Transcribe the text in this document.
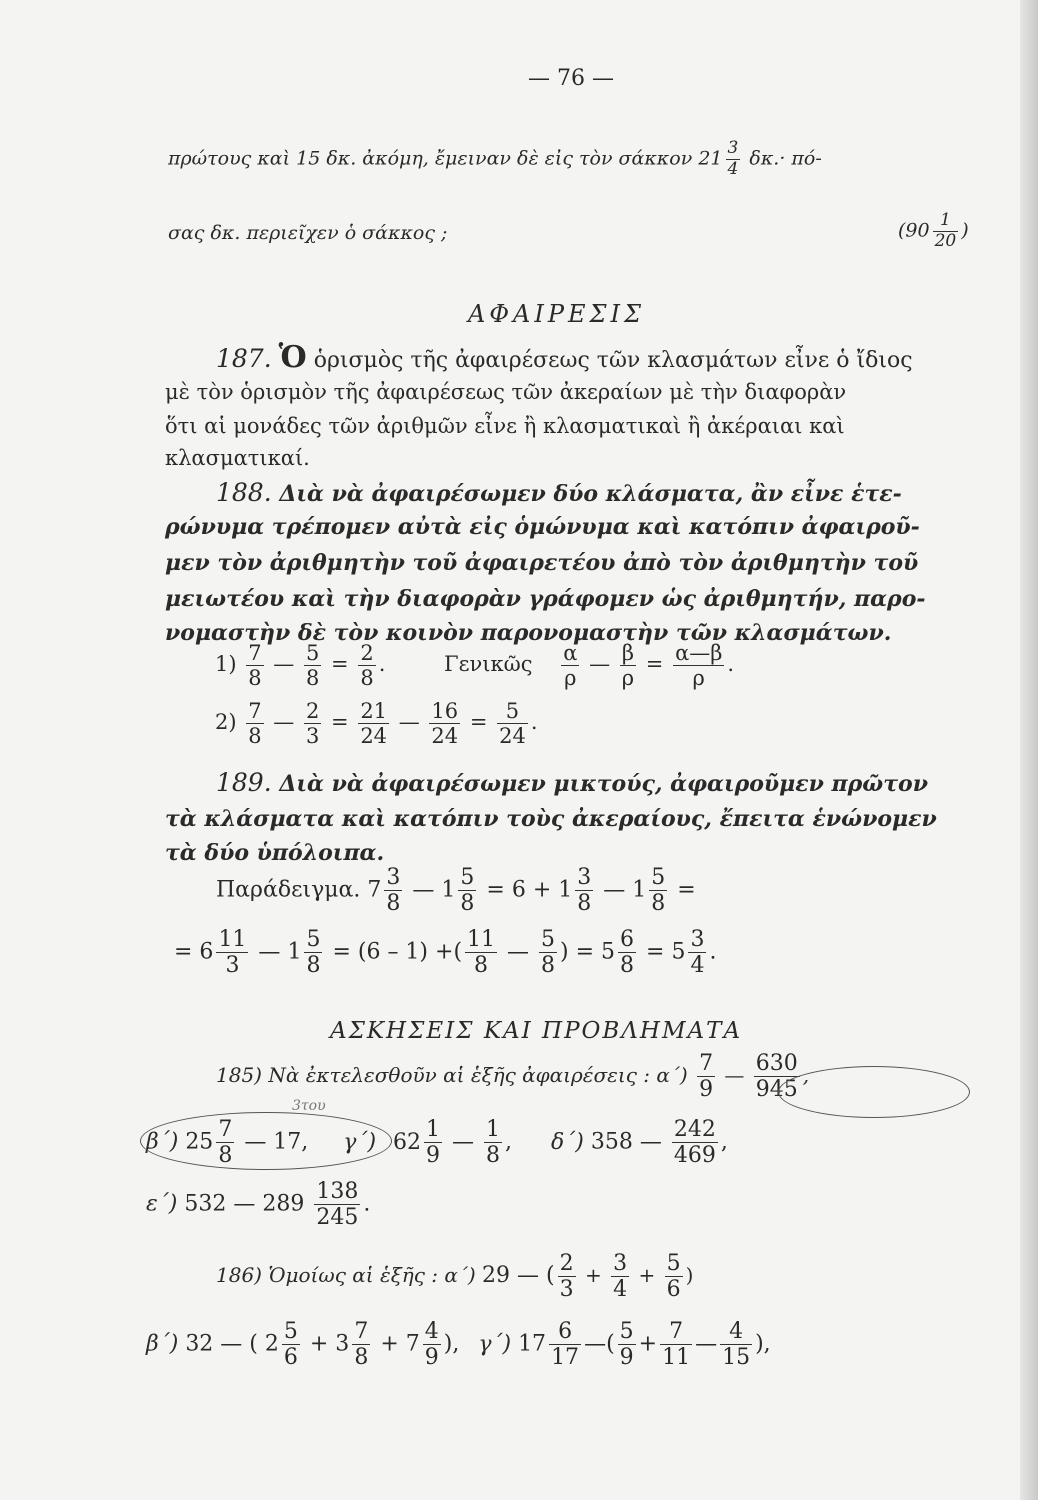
— 76 —
πρώτους καὶ 15 δκ. ἀκόμη, ἔμειναν δὲ εἰς τὸν σάκκον $21 \frac{3}{4} \delta\kappa.\cdot \pi ό-$
σας δκ. περιεῖχεν ὁ σάκκος ;	($90 \frac{1}{20}$ )
ΑΦΑΙΡΕΣΙΣ
187. Ὁ ὁρισμὸς τῆς ἀφαιρέσεως τῶν κλασμάτων εἶνε ὁ ἴδιος
μὲ τὸν ὁρισμὸν τῆς ἀφαιρέσεως τῶν ἀκεραίων μὲ τὴν διαφορὰν
ὅτι αἱ μονάδες τῶν ἀριθμῶν εἶνε ἢ κλασματικαὶ ἢ ἀκέραιαι καὶ
κλασματικαί.
188. Διὰ νὰ ἀφαιρέσωμεν δύο κλάσματα, ἂν εἶνε ἑτε-
ρώνυμα τρέπομεν αὐτὰ εἰς ὁμώνυμα καὶ κατόπιν ἀφαιροῦ-
μεν τὸν ἀριθμητὴν τοῦ ἀφαιρετέου ἀπὸ τὸν ἀριθμητὴν τοῦ
μειωτέου καὶ τὴν διαφορὰν γράφομεν ὡς ἀριθμητήν, παρο-
νομαστὴν δὲ τὸν κοινὸν παρονομαστὴν τῶν κλασμάτων.
$1) \frac{7}{8}$ — $\frac{5}{8} = \frac{2}{8}$ . Γενικῶς $\frac{\alpha}{\rho}$ — $\frac{\beta}{\rho} = \frac{\alpha—\beta}{\rho}$ .
$2) \frac{7}{8}$ — $\frac{2}{3} = \frac{21}{24}$ — $\frac{16}{24} = \frac{5}{24}$ .
189. Διὰ νὰ ἀφαιρέσωμεν μικτούς, ἀφαιροῦμεν πρῶτον
τὰ κλάσματα καὶ κατόπιν τοὺς ἀκεραίους, ἔπειτα ἑνώνομεν
τὰ δύο ὑπόλοιπα.
Παράδειγμα. $7 \frac{3}{8}$ — $1 \frac{5}{8} = 6 + 1 \frac{3}{8}$ — $1 \frac{5}{8}$ =
= $6 \frac{11}{3}$ — $1 \frac{5}{8} = (6 - 1)$ +( $\frac{11}{8}$ — $\frac{5}{8}$ ) = $5 \frac{6}{8} = 5 \frac{3}{4}$ .
ΑΣΚΗΣΕΙΣ ΚΑΙ ΠΡΟΒΛΗΜΑΤΑ
185) Νὰ ἐκτελεσθοῦν αἱ ἑξῆς ἀφαιρέσεις : $\alpha΄) \frac{7}{9}$ — $\frac{630}{945}$ ,
β΄) $25 \frac{7}{8}$ — 17, γ΄) $62 \frac{1}{9}$ — $\frac{1}{8}$ , δ΄) 358 — $\frac{242}{469}$ ,
3του
ε΄) 532 — $289 \frac{138}{245}$ .
186) Ὁμοίως αἱ ἑξῆς : α΄) 29 — ( $\frac{2}{3} + \frac{3}{4} + \frac{5}{6}$ )
β΄) 32 — ( $2 \frac{5}{6} + 3 \frac{7}{8} + 7 \frac{4}{9}$ ), γ΄) $17 \frac{6}{17}$ —( $\frac{5}{9} + \frac{7}{11}$ — $\frac{4}{15}$ ),
